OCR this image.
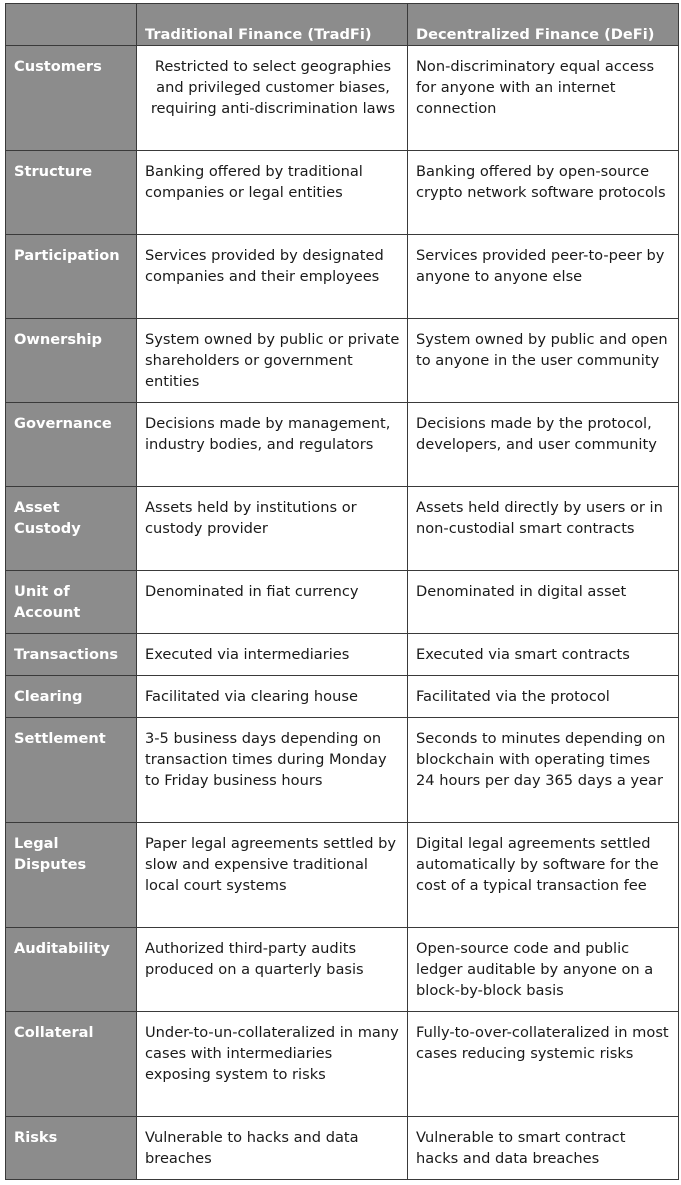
	Traditional Finance (TradFi)	Decentralized Finance (DeFi)
Customers	Restricted to select geographies and privileged customer biases, requiring anti-discrimination laws	Non-discriminatory equal access for anyone with an internet connection
Structure	Banking offered by traditional companies or legal entities	Banking offered by open-source crypto network software protocols
Participation	Services provided by designated companies and their employees	Services provided peer-to-peer by anyone to anyone else
Ownership	System owned by public or private shareholders or government entities	System owned by public and open to anyone in the user community
Governance	Decisions made by management, industry bodies, and regulators	Decisions made by the protocol, developers, and user community
Asset Custody	Assets held by institutions or custody provider	Assets held directly by users or in non-custodial smart contracts
Unit of Account	Denominated in fiat currency	Denominated in digital asset
Transactions	Executed via intermediaries	Executed via smart contracts
Clearing	Facilitated via clearing house	Facilitated via the protocol
Settlement	3-5 business days depending on transaction times during Monday to Friday business hours	Seconds to minutes depending on blockchain with operating times 24 hours per day 365 days a year
Legal Disputes	Paper legal agreements settled by slow and expensive traditional local court systems	Digital legal agreements settled automatically by software for the cost of a typical transaction fee
Auditability	Authorized third-party audits produced on a quarterly basis	Open-source code and public ledger auditable by anyone on a block-by-block basis
Collateral	Under-to-un-collateralized in many cases with intermediaries exposing system to risks	Fully-to-over-collateralized in most cases reducing systemic risks
Risks	Vulnerable to hacks and data breaches	Vulnerable to smart contract hacks and data breaches
